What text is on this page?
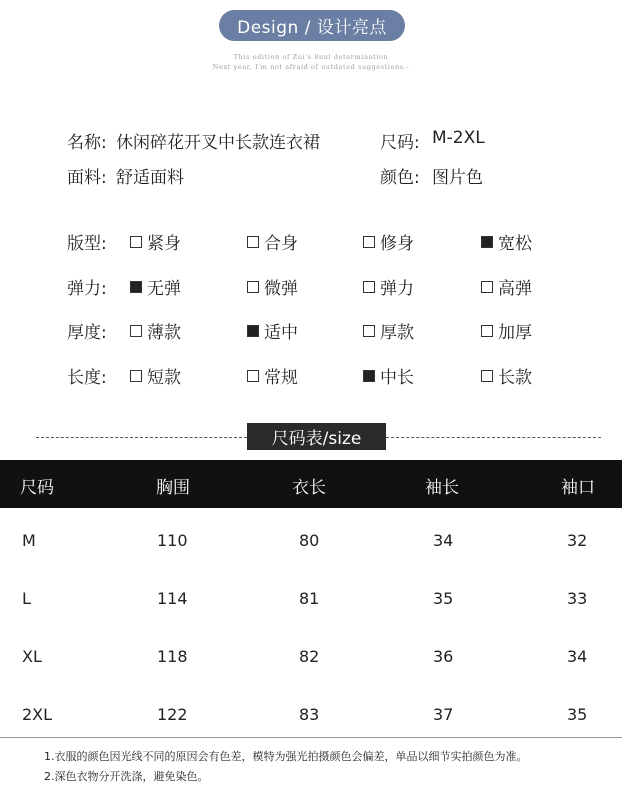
Design / 设计亮点
This edition of Zui's 8nul determination
Next year, I'm not afraid of outdated suggestions.-
名称: 休闲碎花开叉中长款连衣裙	尺码: M-2XL
面料: 舒适面料	颜色: 图片色
版型: 紧身	合身	修身	宽松
弹力: 无弹	微弹	弹力	高弹
厚度: 薄款	适中	厚款	加厚
长度: 短款	常规	中长	长款
尺码表/size
尺码	胸围	衣长	袖长	袖口
M	110	80	34	32
L	114	81	35	33
XL	118	82	36	34
2XL	122	83	37	35
1.衣服的颜色因光线不同的原因会有色差，模特为强光拍摄颜色会偏差，单品以细节实拍颜色为准。
2.深色衣物分开洗涤，避免染色。
